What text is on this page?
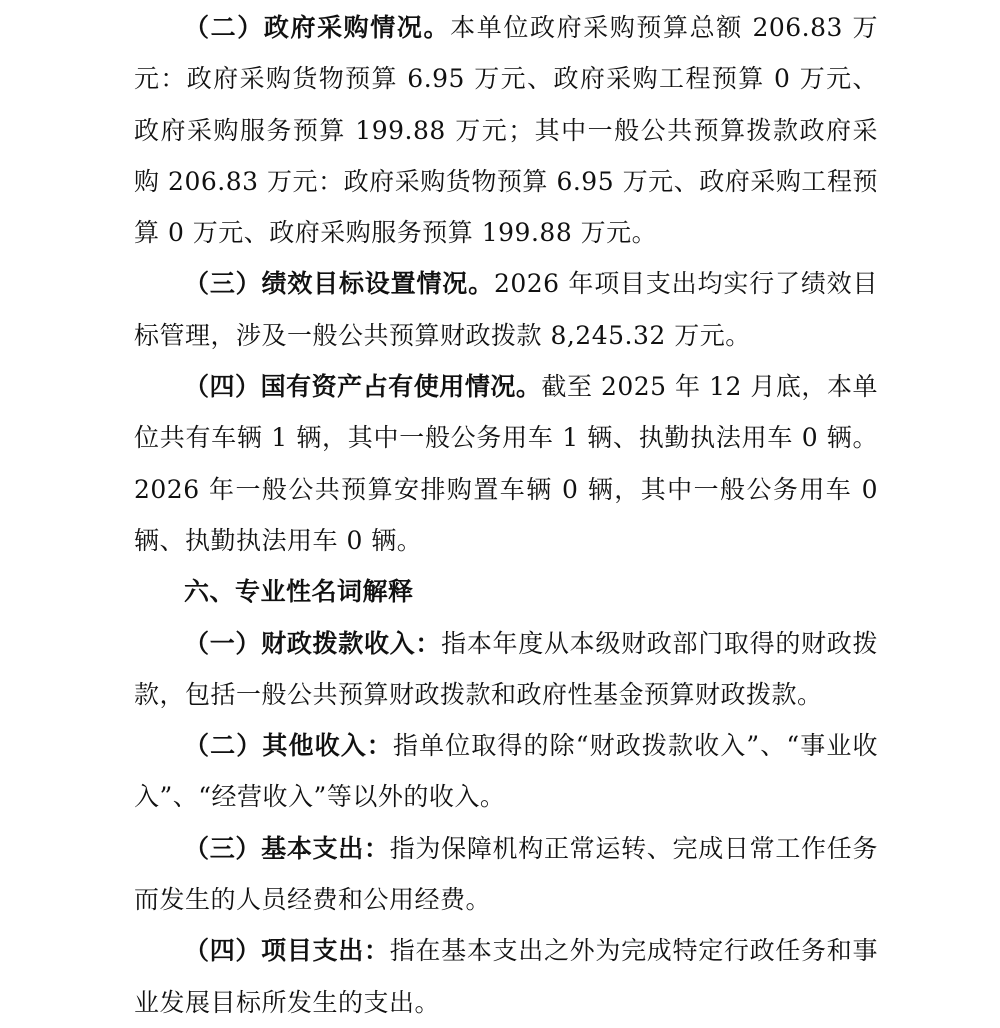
（二）政府采购情况。本单位政府采购预算总额 206.83 万元：政府采购货物预算 6.95 万元、政府采购工程预算 0 万元、政府采购服务预算 199.88 万元；其中一般公共预算拨款政府采购 206.83 万元：政府采购货物预算 6.95 万元、政府采购工程预算 0 万元、政府采购服务预算 199.88 万元。

（三）绩效目标设置情况。2026 年项目支出均实行了绩效目标管理，涉及一般公共预算财政拨款 8,245.32 万元。

（四）国有资产占有使用情况。截至 2025 年 12 月底，本单位共有车辆 1 辆，其中一般公务用车 1 辆、执勤执法用车 0 辆。2026 年一般公共预算安排购置车辆 0 辆，其中一般公务用车 0 辆、执勤执法用车 0 辆。

六、专业性名词解释

（一）财政拨款收入：指本年度从本级财政部门取得的财政拨款，包括一般公共预算财政拨款和政府性基金预算财政拨款。

（二）其他收入：指单位取得的除“财政拨款收入”、“事业收入”、“经营收入”等以外的收入。

（三）基本支出：指为保障机构正常运转、完成日常工作任务而发生的人员经费和公用经费。

（四）项目支出：指在基本支出之外为完成特定行政任务和事业发展目标所发生的支出。
